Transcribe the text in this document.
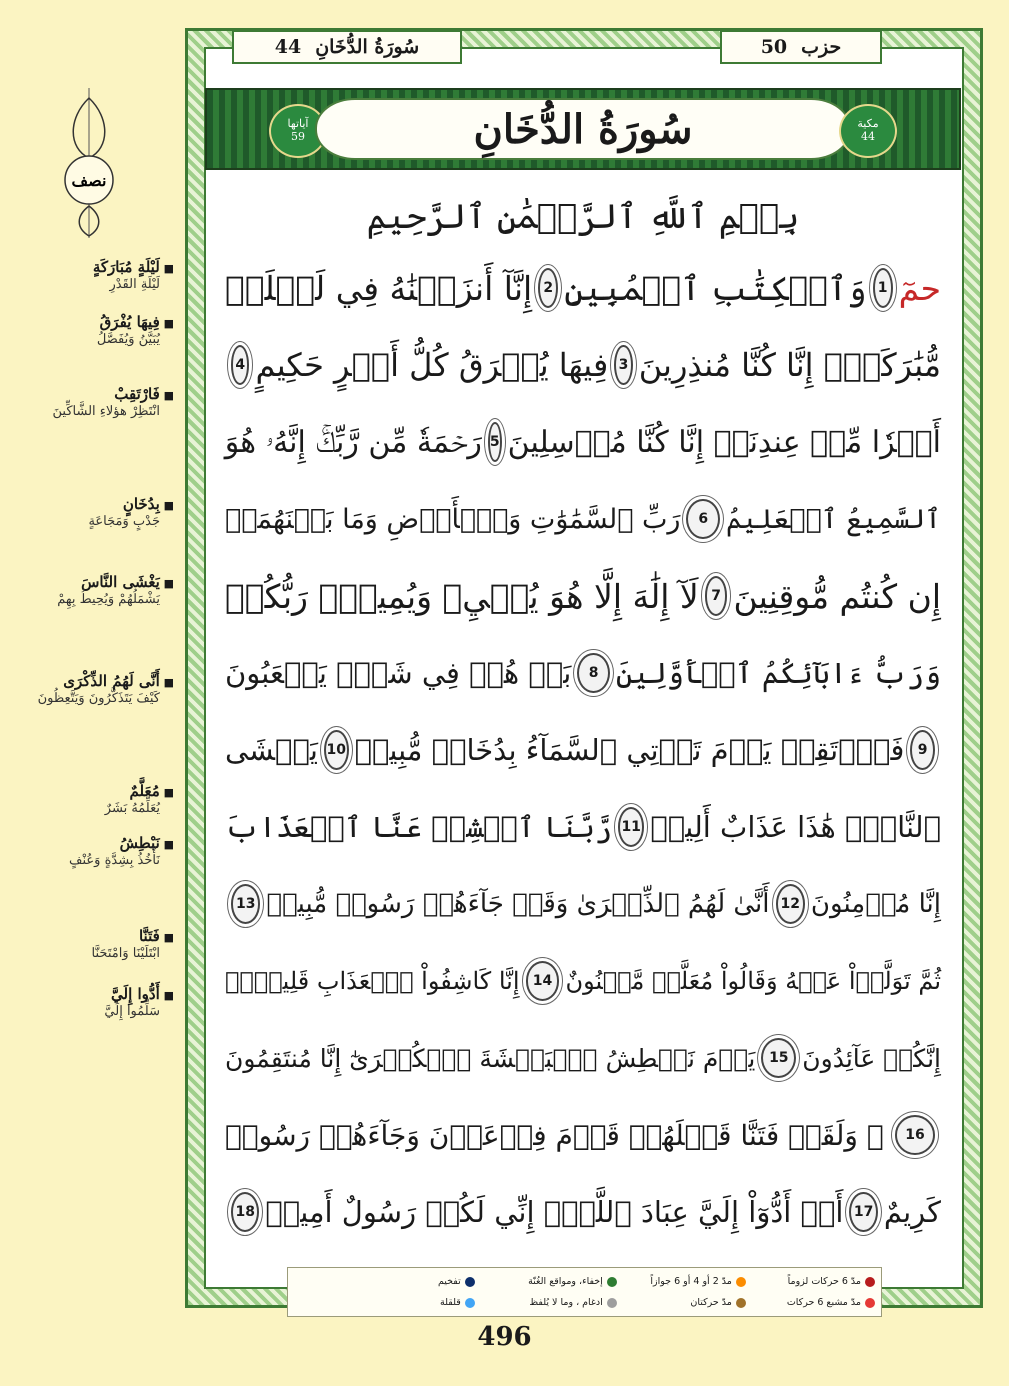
44 سُورَةُ الدُّخَانِ	50 حزب
آياتها
59	سُورَةُ الدُّخَانِ	مكية
44
نصف
■ لَيْلَةٍ مُبَارَكَةٍ
لَيْلَةِ القَدْرِ
■ فِيهَا يُفْرَقُ
يُبَيَّنُ وَيُفَصَّلُ
■ فَارْتَقِبْ
انْتَظِرْ هؤلاءِ الشَّاكِّينَ
■ بِدُخَانٍ
جَدْبٍ وَمَجَاعَةٍ
■ يَغْشَى النَّاسَ
يَشْمَلُهُمْ وَيُحِيطُ بِهِمْ
■ أَنَّى لَهُمُ الذِّكْرَى
كَيْفَ يَتَذَكَّرُونَ وَيَتَّعِظُونَ
■ مُعَلَّمٌ
يُعَلِّمُهُ بَشَرٌ
■ نَبْطِشُ
نَأْخُذُ بِشِدَّةٍ وَعُنْفٍ
■ فَتَنَّا
ابْتَلَيْنَا وَامْتَحَنَّا
■ أَدُّوا إِلَيَّ
سَلِّمُوا إِلَيَّ
بِسۡمِ ٱللَّهِ ٱلرَّحۡمَٰنِ ٱلرَّحِيمِ
حمٓ
1
وَٱلۡكِتَٰبِ ٱلۡمُبِينِ
2
إِنَّآ أَنزَلۡنَٰهُ فِي لَيۡلَةٖ
مُّبَٰرَكَةٍۚ إِنَّا كُنَّا مُنذِرِينَ
3
فِيهَا يُفۡرَقُ كُلُّ أَمۡرٍ حَكِيمٍ
4
أَمۡرٗا مِّنۡ عِندِنَآۚ إِنَّا كُنَّا مُرۡسِلِينَ
5
رَحۡمَةٗ مِّن رَّبِّكَۚ إِنَّهُۥ هُوَ
ٱلسَّمِيعُ ٱلۡعَلِيمُ
6
رَبِّ ٱلسَّمَٰوَٰتِ وَٱلۡأَرۡضِ وَمَا بَيۡنَهُمَآۖ
إِن كُنتُم مُّوقِنِينَ
7
لَآ إِلَٰهَ إِلَّا هُوَ يُحۡيِۦ وَيُمِيتُۖ رَبُّكُمۡ
وَرَبُّ ءَابَآئِكُمُ ٱلۡأَوَّلِينَ
8
بَلۡ هُمۡ فِي شَكّٖ يَلۡعَبُونَ
9
فَٱرۡتَقِبۡ يَوۡمَ تَأۡتِي ٱلسَّمَآءُ بِدُخَانٖ مُّبِينٖ
10
يَغۡشَى
ٱلنَّاسَۖ هَٰذَا عَذَابٌ أَلِيمٞ
11
رَّبَّنَا ٱكۡشِفۡ عَنَّا ٱلۡعَذَابَ
إِنَّا مُؤۡمِنُونَ
12
أَنَّىٰ لَهُمُ ٱلذِّكۡرَىٰ وَقَدۡ جَآءَهُمۡ رَسُولٞ مُّبِينٞ
13
ثُمَّ تَوَلَّوۡاْ عَنۡهُ وَقَالُواْ مُعَلَّمٞ مَّجۡنُونٌ
14
إِنَّا كَاشِفُواْ ٱلۡعَذَابِ قَلِيلًاۚ
إِنَّكُمۡ عَآئِدُونَ
15
يَوۡمَ نَبۡطِشُ ٱلۡبَطۡشَةَ ٱلۡكُبۡرَىٰٓ إِنَّا مُنتَقِمُونَ
16
۞ وَلَقَدۡ فَتَنَّا قَبۡلَهُمۡ قَوۡمَ فِرۡعَوۡنَ وَجَآءَهُمۡ رَسُولٞ
كَرِيمٌ
17
أَنۡ أَدُّوٓاْ إِلَيَّ عِبَادَ ٱللَّهِۖ إِنِّي لَكُمۡ رَسُولٌ أَمِينٞ
18
مدّ 6 حركات لزوماً
مدّ مشبع 6 حركات
مدّ 2 أو 4 أو 6 جوازاً
مدّ حركتان
إخفاء، ومواقع الغُنّة
ادغام ، وما لا يُلفظ
تفخيم
قلقلة
496
